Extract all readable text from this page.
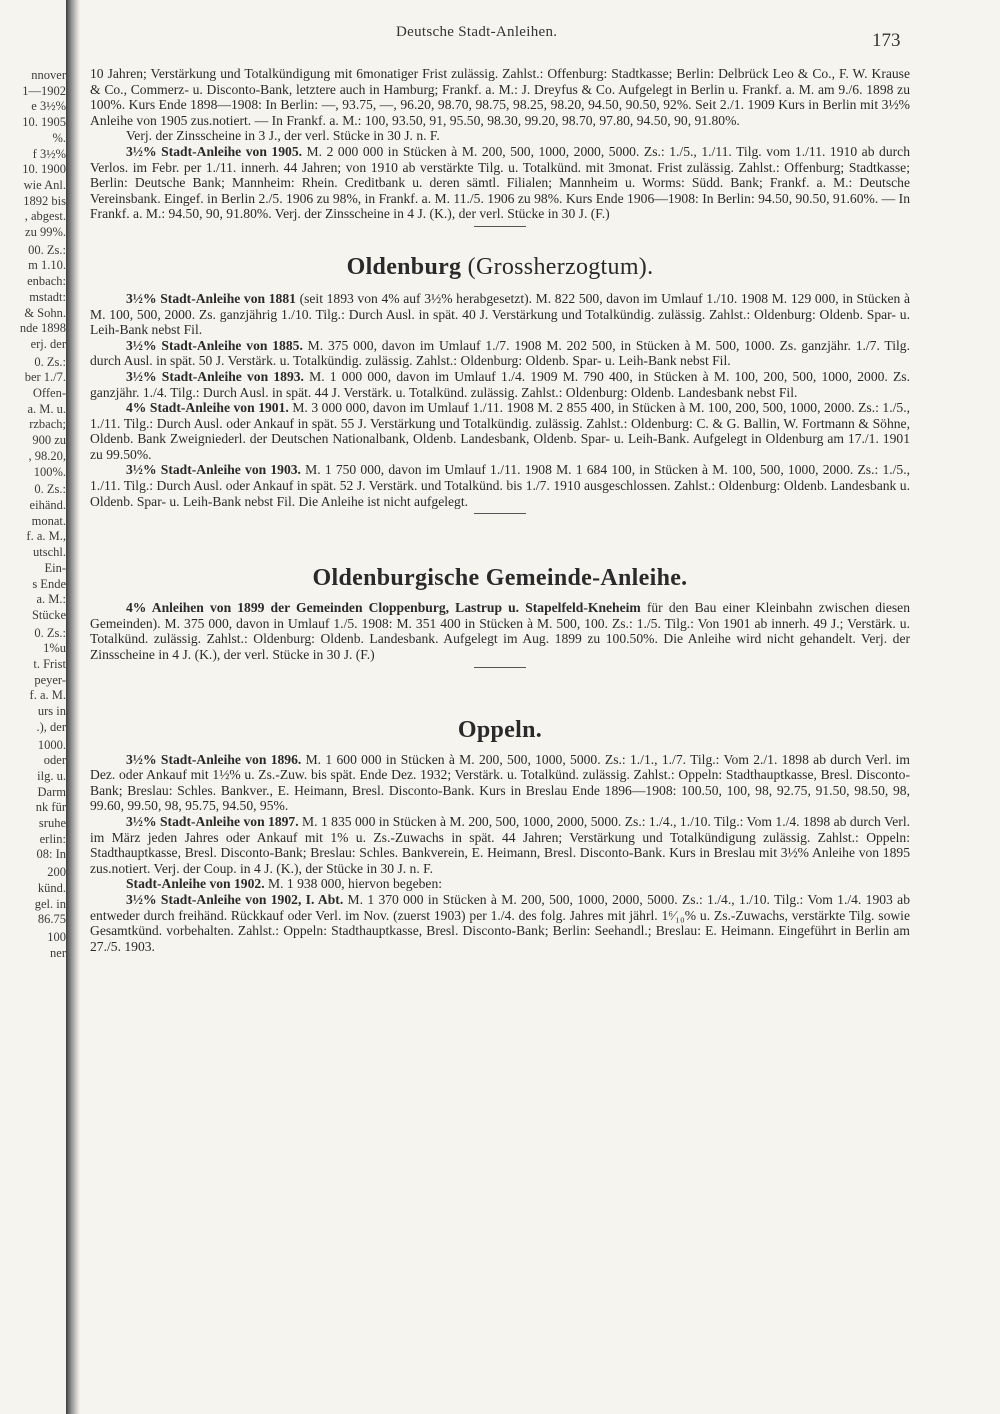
nnover
1—1902
e 3½%
10. 1905
%.
f 3½%
10. 1900
wie Anl.
1892 bis
, abgest.
zu 99%.

00. Zs.:
m 1.10.
enbach:
mstadt:
& Sohn.
nde 1898
erj. der

0. Zs.:
ber 1./7.
Offen-
a. M. u.
rzbach;
900 zu
, 98.20,
100%.

0. Zs.:
eihänd.
monat.
f. a. M.,
utschl.
Ein-
s Ende
a. M.:
Stücke

0. Zs.:
1%u
t. Frist
peyer-
f. a. M.
urs in
.), der

1000.
oder
ilg. u.
Darm
nk für
sruhe
erlin:
08: In

200
künd.
gel. in
86.75

100
ner
Deutsche Stadt-Anleihen.	173

10 Jahren; Verstärkung und Totalkündigung mit 6monatiger Frist zulässig. Zahlst.: Offenburg: Stadtkasse; Berlin: Delbrück Leo & Co., F. W. Krause & Co., Commerz- u. Disconto-Bank, letztere auch in Hamburg; Frankf. a. M.: J. Dreyfus & Co. Aufgelegt in Berlin u. Frankf. a. M. am 9./6. 1898 zu 100%. Kurs Ende 1898—1908: In Berlin: —, 93.75, —, 96.20, 98.70, 98.75, 98.25, 98.20, 94.50, 90.50, 92%. Seit 2./1. 1909 Kurs in Berlin mit 3½% Anleihe von 1905 zus.notiert. — In Frankf. a. M.: 100, 93.50, 91, 95.50, 98.30, 99.20, 98.70, 97.80, 94.50, 90, 91.80%.

Verj. der Zinsscheine in 3 J., der verl. Stücke in 30 J. n. F.

3½% Stadt-Anleihe von 1905. M. 2 000 000 in Stücken à M. 200, 500, 1000, 2000, 5000. Zs.: 1./5., 1./11. Tilg. vom 1./11. 1910 ab durch Verlos. im Febr. per 1./11. innerh. 44 Jahren; von 1910 ab verstärkte Tilg. u. Totalkünd. mit 3monat. Frist zulässig. Zahlst.: Offenburg; Stadtkasse; Berlin: Deutsche Bank; Mannheim: Rhein. Creditbank u. deren sämtl. Filialen; Mannheim u. Worms: Südd. Bank; Frankf. a. M.: Deutsche Vereinsbank. Eingef. in Berlin 2./5. 1906 zu 98%, in Frankf. a. M. 11./5. 1906 zu 98%. Kurs Ende 1906—1908: In Berlin: 94.50, 90.50, 91.60%. — In Frankf. a. M.: 94.50, 90, 91.80%. Verj. der Zinsscheine in 4 J. (K.), der verl. Stücke in 30 J. (F.)

Oldenburg (Grossherzogtum).

3½% Stadt-Anleihe von 1881 (seit 1893 von 4% auf 3½% herabgesetzt). M. 822 500, davon im Umlauf 1./10. 1908 M. 129 000, in Stücken à M. 100, 500, 2000. Zs. ganzjährig 1./10. Tilg.: Durch Ausl. in spät. 40 J. Verstärkung und Totalkündig. zulässig. Zahlst.: Oldenburg: Oldenb. Spar- u. Leih-Bank nebst Fil.

3½% Stadt-Anleihe von 1885. M. 375 000, davon im Umlauf 1./7. 1908 M. 202 500, in Stücken à M. 500, 1000. Zs. ganzjähr. 1./7. Tilg. durch Ausl. in spät. 50 J. Verstärk. u. Totalkündig. zulässig. Zahlst.: Oldenburg: Oldenb. Spar- u. Leih-Bank nebst Fil.

3½% Stadt-Anleihe von 1893. M. 1 000 000, davon im Umlauf 1./4. 1909 M. 790 400, in Stücken à M. 100, 200, 500, 1000, 2000. Zs. ganzjähr. 1./4. Tilg.: Durch Ausl. in spät. 44 J. Verstärk. u. Totalkünd. zulässig. Zahlst.: Oldenburg: Oldenb. Landesbank nebst Fil.

4% Stadt-Anleihe von 1901. M. 3 000 000, davon im Umlauf 1./11. 1908 M. 2 855 400, in Stücken à M. 100, 200, 500, 1000, 2000. Zs.: 1./5., 1./11. Tilg.: Durch Ausl. oder Ankauf in spät. 55 J. Verstärkung und Totalkündig. zulässig. Zahlst.: Oldenburg: C. & G. Ballin, W. Fortmann & Söhne, Oldenb. Bank Zweigniederl. der Deutschen Nationalbank, Oldenb. Landesbank, Oldenb. Spar- u. Leih-Bank. Aufgelegt in Oldenburg am 17./1. 1901 zu 99.50%.

3½% Stadt-Anleihe von 1903. M. 1 750 000, davon im Umlauf 1./11. 1908 M. 1 684 100, in Stücken à M. 100, 500, 1000, 2000. Zs.: 1./5., 1./11. Tilg.: Durch Ausl. oder Ankauf in spät. 52 J. Verstärk. und Totalkünd. bis 1./7. 1910 ausgeschlossen. Zahlst.: Oldenburg: Oldenb. Landesbank u. Oldenb. Spar- u. Leih-Bank nebst Fil. Die Anleihe ist nicht aufgelegt.

Oldenburgische Gemeinde-Anleihe.

4% Anleihen von 1899 der Gemeinden Cloppenburg, Lastrup u. Stapelfeld-Kneheim für den Bau einer Kleinbahn zwischen diesen Gemeinden). M. 375 000, davon in Umlauf 1./5. 1908: M. 351 400 in Stücken à M. 500, 100. Zs.: 1./5. Tilg.: Von 1901 ab innerh. 49 J.; Verstärk. u. Totalkünd. zulässig. Zahlst.: Oldenburg: Oldenb. Landesbank. Aufgelegt im Aug. 1899 zu 100.50%. Die Anleihe wird nicht gehandelt. Verj. der Zinsscheine in 4 J. (K.), der verl. Stücke in 30 J. (F.)

Oppeln.

3½% Stadt-Anleihe von 1896. M. 1 600 000 in Stücken à M. 200, 500, 1000, 5000. Zs.: 1./1., 1./7. Tilg.: Vom 2./1. 1898 ab durch Verl. im Dez. oder Ankauf mit 1½% u. Zs.-Zuw. bis spät. Ende Dez. 1932; Verstärk. u. Totalkünd. zulässig. Zahlst.: Oppeln: Stadthauptkasse, Bresl. Disconto-Bank; Breslau: Schles. Bankver., E. Heimann, Bresl. Disconto-Bank. Kurs in Breslau Ende 1896—1908: 100.50, 100, 98, 92.75, 91.50, 98.50, 98, 99.60, 99.50, 98, 95.75, 94.50, 95%.

3½% Stadt-Anleihe von 1897. M. 1 835 000 in Stücken à M. 200, 500, 1000, 2000, 5000. Zs.: 1./4., 1./10. Tilg.: Vom 1./4. 1898 ab durch Verl. im März jeden Jahres oder Ankauf mit 1% u. Zs.-Zuwachs in spät. 44 Jahren; Verstärkung und Totalkündigung zulässig. Zahlst.: Oppeln: Stadthauptkasse, Bresl. Disconto-Bank; Breslau: Schles. Bankverein, E. Heimann, Bresl. Disconto-Bank. Kurs in Breslau mit 3½% Anleihe von 1895 zus.notiert. Verj. der Coup. in 4 J. (K.), der Stücke in 30 J. n. F.

Stadt-Anleihe von 1902. M. 1 938 000, hiervon begeben:

3½% Stadt-Anleihe von 1902, I. Abt. M. 1 370 000 in Stücken à M. 200, 500, 1000, 2000, 5000. Zs.: 1./4., 1./10. Tilg.: Vom 1./4. 1903 ab entweder durch freihänd. Rückkauf oder Verl. im Nov. (zuerst 1903) per 1./4. des folg. Jahres mit jährl. 1⁶⁄₁₀% u. Zs.-Zuwachs, verstärkte Tilg. sowie Gesamtkünd. vorbehalten. Zahlst.: Oppeln: Stadthauptkasse, Bresl. Disconto-Bank; Berlin: Seehandl.; Breslau: E. Heimann. Eingeführt in Berlin am 27./5. 1903.
